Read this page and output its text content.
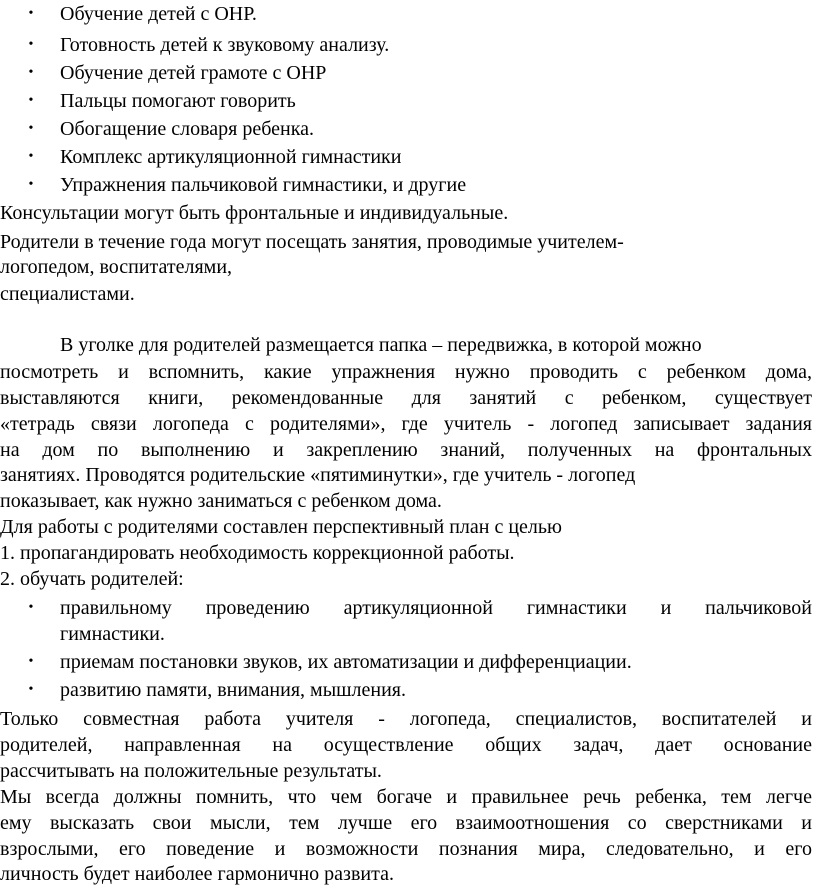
• Обучение детей с ОНР.
• Готовность детей к звуковому анализу.
• Обучение детей грамоте с ОНР
• Пальцы помогают говорить
• Обогащение словаря ребенка.
• Комплекс артикуляционной гимнастики
• Упражнения пальчиковой гимнастики, и другие
Консультации могут быть фронтальные и индивидуальные.
Родители в течение года могут посещать занятия, проводимые учителем-
логопедом, воспитателями,
специалистами.
В уголке для родителей размещается папка – передвижка, в которой можно
посмотреть и вспомнить, какие упражнения нужно проводить с ребенком дома,
выставляются книги, рекомендованные для занятий с ребенком, существует
«тетрадь связи логопеда с родителями», где учитель - логопед записывает задания
на дом по выполнению и закреплению знаний, полученных на фронтальных
занятиях. Проводятся родительские «пятиминутки», где учитель - логопед
показывает, как нужно заниматься с ребенком дома.
Для работы с родителями составлен перспективный план с целью
1. пропагандировать необходимость коррекционной работы.
2. обучать родителей:
• правильному проведению артикуляционной гимнастики и пальчиковой
гимнастики.
• приемам постановки звуков, их автоматизации и дифференциации.
• развитию памяти, внимания, мышления.
Только совместная работа учителя - логопеда, специалистов, воспитателей и
родителей, направленная на осуществление общих задач, дает основание
рассчитывать на положительные результаты.
Мы всегда должны помнить, что чем богаче и правильнее речь ребенка, тем легче
ему высказать свои мысли, тем лучше его взаимоотношения со сверстниками и
взрослыми, его поведение и возможности познания мира, следовательно, и его
личность будет наиболее гармонично развита.
